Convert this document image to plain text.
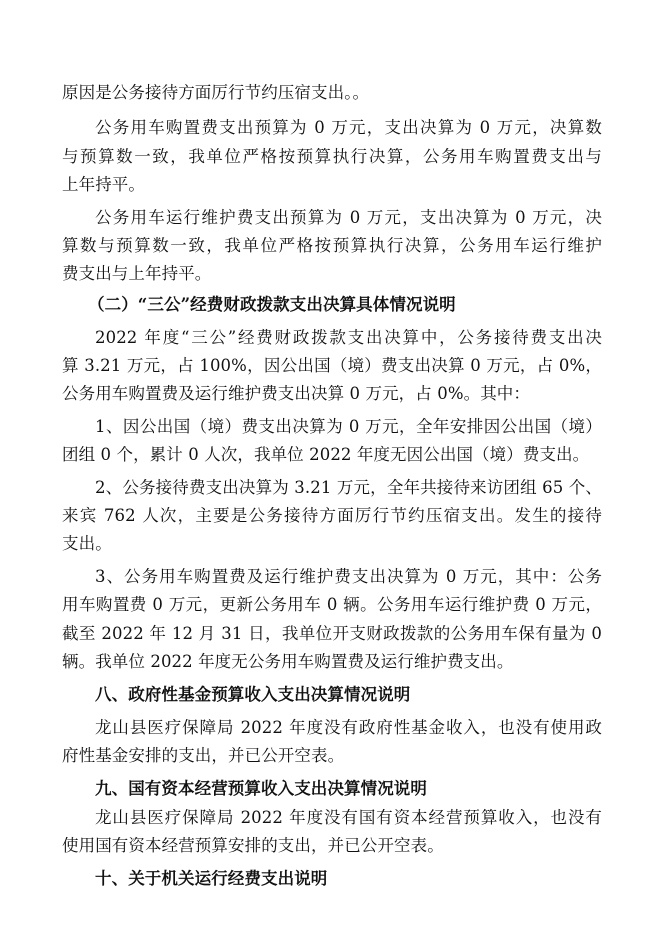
原因是公务接待方面厉行节约压宿支出。。
公务用车购置费支出预算为 0 万元，支出决算为 0 万元，决算数
与预算数一致，我单位严格按预算执行决算，公务用车购置费支出与
上年持平。
公务用车运行维护费支出预算为 0 万元，支出决算为 0 万元，决
算数与预算数一致，我单位严格按预算执行决算，公务用车运行维护
费支出与上年持平。
（二）“三公”经费财政拨款支出决算具体情况说明
2022 年度“三公”经费财政拨款支出决算中，公务接待费支出决
算 3.21 万元，占 100%，因公出国（境）费支出决算 0 万元，占 0%，
公务用车购置费及运行维护费支出决算 0 万元，占 0%。其中：
1、因公出国（境）费支出决算为 0 万元，全年安排因公出国（境）
团组 0 个，累计 0 人次，我单位 2022 年度无因公出国（境）费支出。
2、公务接待费支出决算为 3.21 万元，全年共接待来访团组 65 个、
来宾 762 人次，主要是公务接待方面厉行节约压宿支出。发生的接待
支出。
3、公务用车购置费及运行维护费支出决算为 0 万元，其中：公务
用车购置费 0 万元，更新公务用车 0 辆。公务用车运行维护费 0 万元，
截至 2022 年 12 月 31 日，我单位开支财政拨款的公务用车保有量为 0
辆。我单位 2022 年度无公务用车购置费及运行维护费支出。
八、政府性基金预算收入支出决算情况说明
龙山县医疗保障局 2022 年度没有政府性基金收入，也没有使用政
府性基金安排的支出，并已公开空表。
九、国有资本经营预算收入支出决算情况说明
龙山县医疗保障局 2022 年度没有国有资本经营预算收入，也没有
使用国有资本经营预算安排的支出，并已公开空表。
十、关于机关运行经费支出说明
